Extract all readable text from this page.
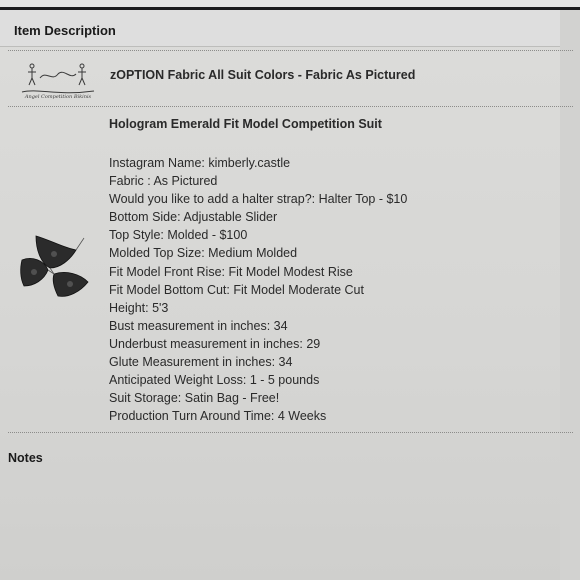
Item Description
Angel Competition Bikinis
zOPTION Fabric All Suit Colors - Fabric As Pictured
Hologram Emerald Fit Model Competition Suit
Instagram Name: kimberly.castle
Fabric : As Pictured
Would you like to add a halter strap?: Halter Top - $10
Bottom Side: Adjustable Slider
Top Style: Molded - $100
Molded Top Size: Medium Molded
Fit Model Front Rise: Fit Model Modest Rise
Fit Model Bottom Cut: Fit Model Moderate Cut
Height: 5'3
Bust measurement in inches: 34
Underbust measurement in inches: 29
Glute Measurement in inches: 34
Anticipated Weight Loss: 1 - 5 pounds
Suit Storage: Satin Bag - Free!
Production Turn Around Time: 4 Weeks
Notes
